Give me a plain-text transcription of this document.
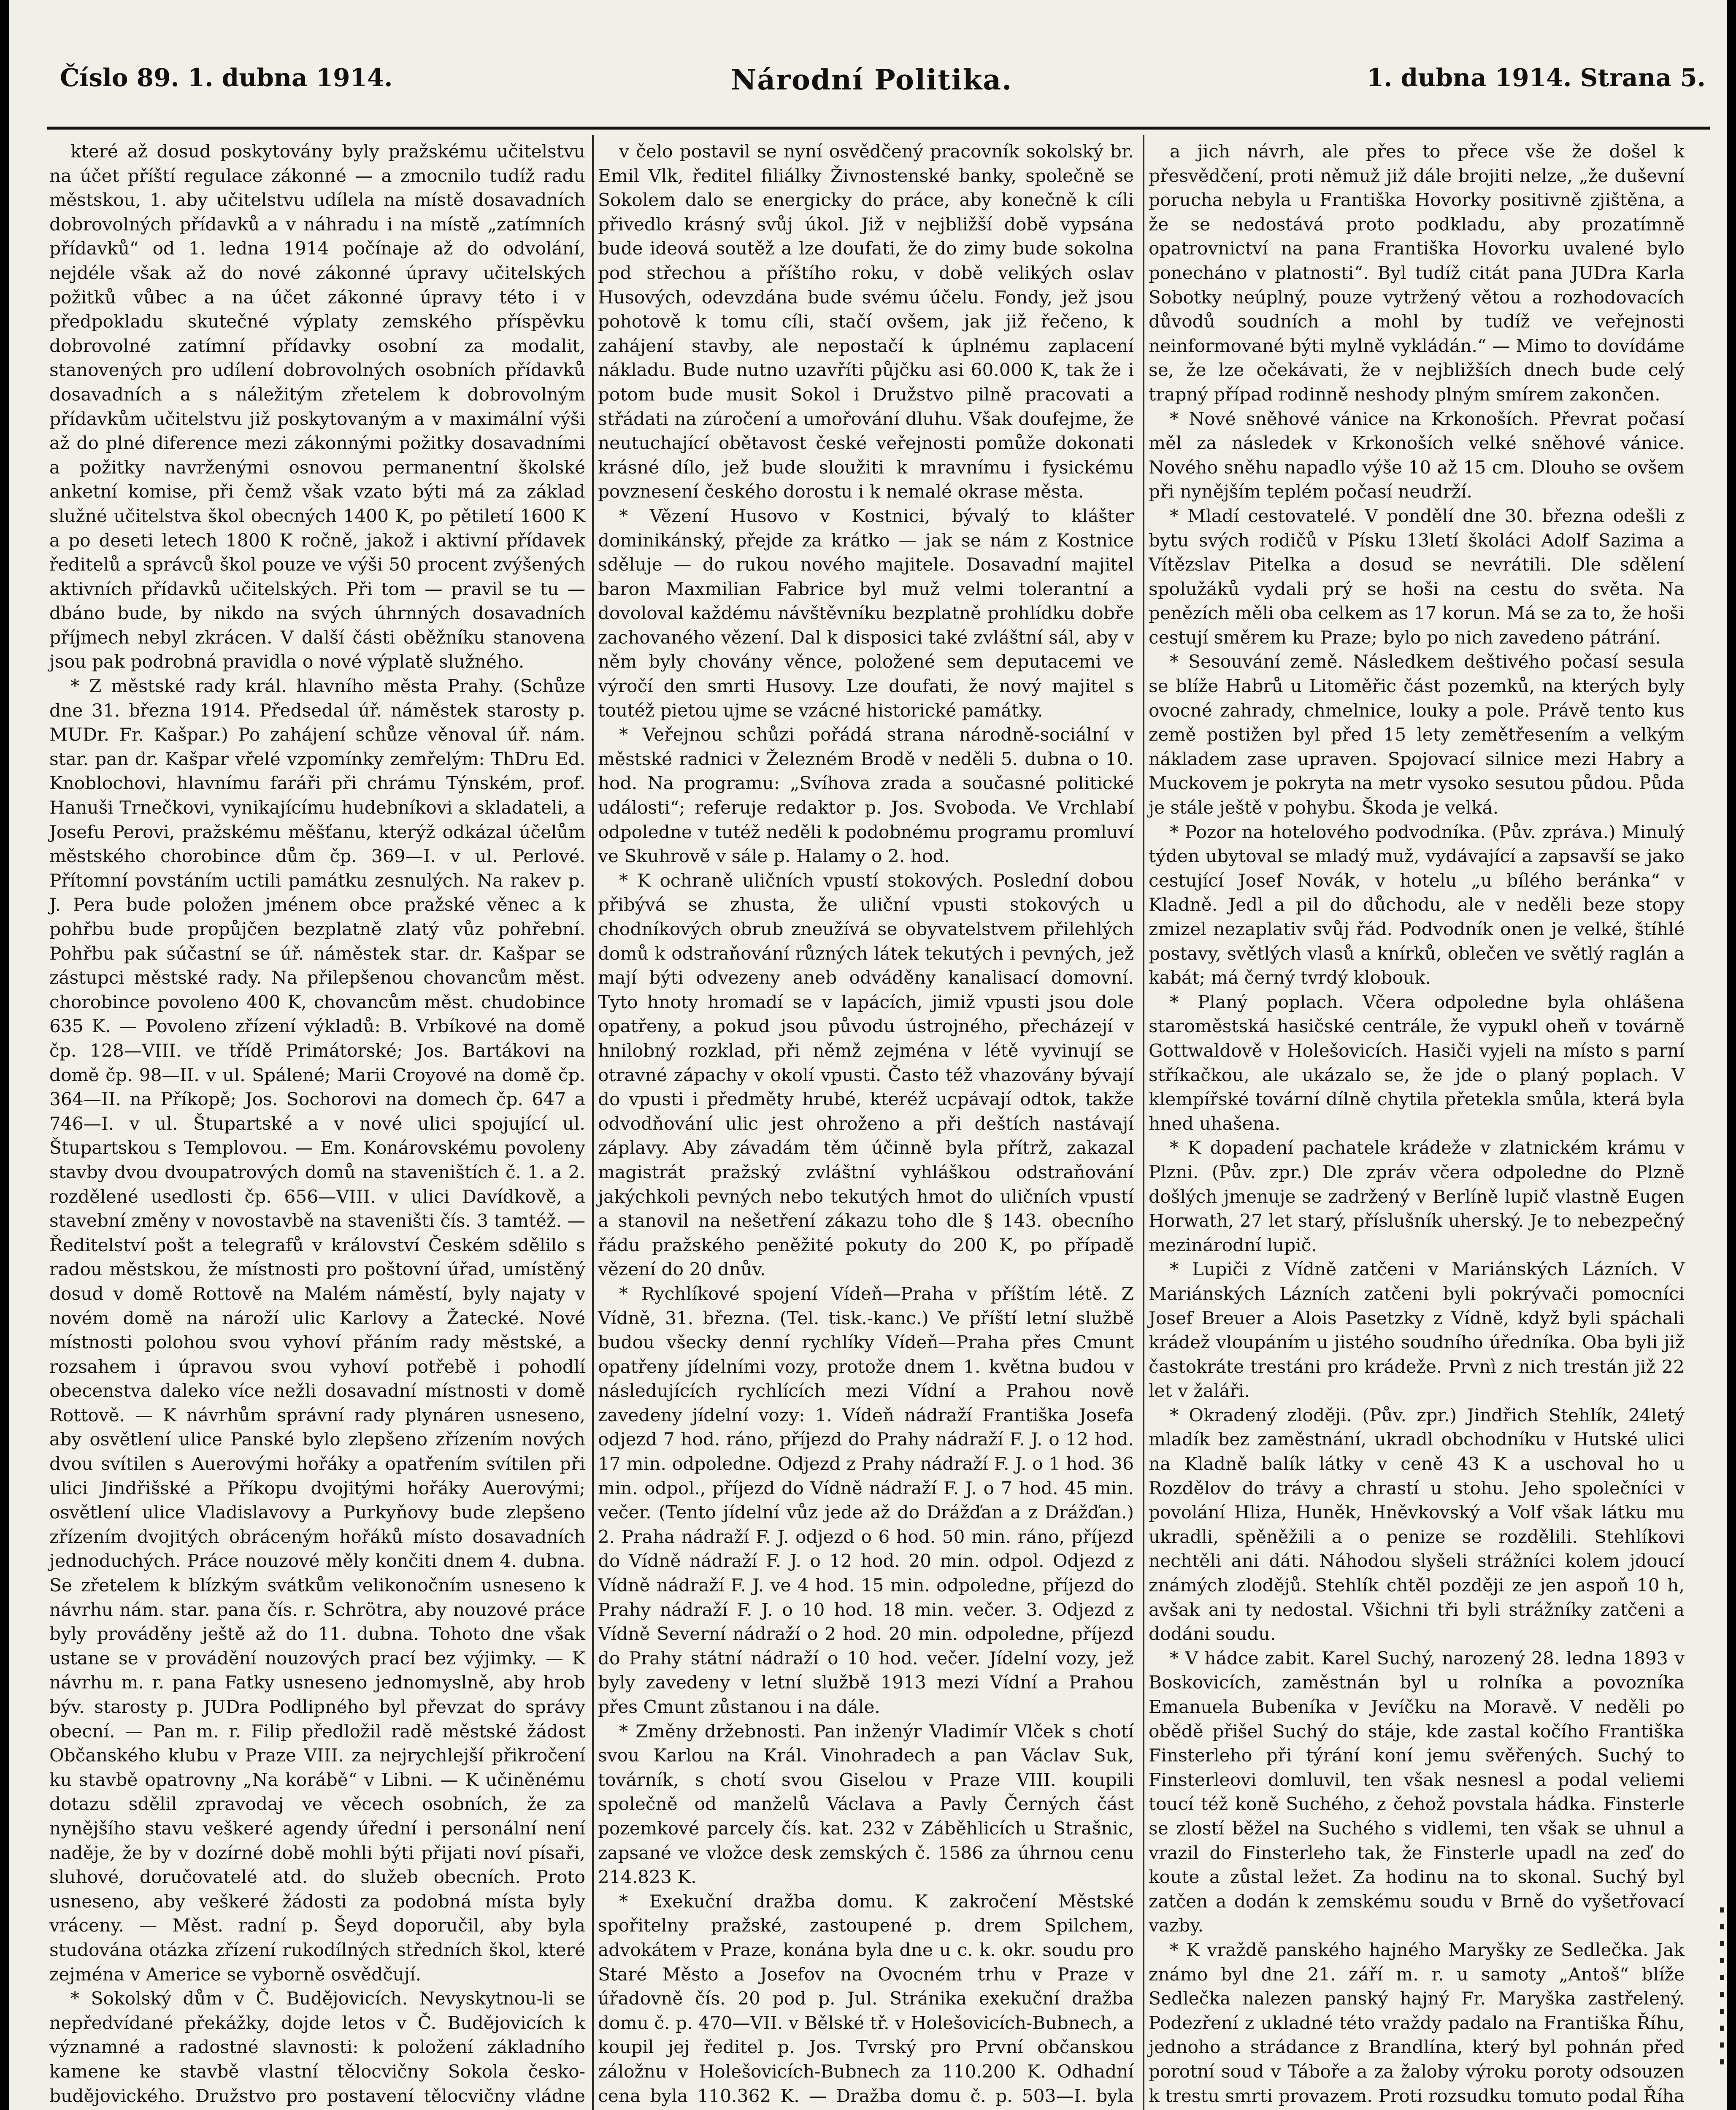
Číslo 89. 1. dubna 1914.	Národní Politika.	1. dubna 1914. Strana 5.

které až dosud poskytovány byly pražskému učitelstvu na účet příští regulace zákonné — a zmocnilo tudíž radu městskou, 1. aby učitelstvu udílela na místě dosavadních dobrovolných přídavků a v náhradu i na místě „zatímních přídavků“ od 1. ledna 1914 počínaje až do odvolání, nejdéle však až do nové zákonné úpravy učitelských požitků vůbec a na účet zákonné úpravy této i v předpokladu skutečné výplaty zemského příspěvku dobrovolné zatímní přídavky osobní za modalit, stanovených pro udílení dobrovolných osobních přídavků dosavadních a s náležitým zřetelem k dobrovolným přídavkům učitelstvu již poskytovaným a v maximální výši až do plné diference mezi zákonnými požitky dosavadními a požitky navrženými osnovou permanentní školské anketní komise, při čemž však vzato býti má za základ služné učitelstva škol obecných 1400 K, po pětiletí 1600 K a po deseti letech 1800 K ročně, jakož i aktivní přídavek ředitelů a správců škol pouze ve výši 50 procent zvýšených aktivních přídavků učitelských. Při tom — pravil se tu — dbáno bude, by nikdo na svých úhrnných dosavadních příjmech nebyl zkrácen. V další části oběžníku stanovena jsou pak podrobná pravidla o nové výplatě služného.

* Z městské rady král. hlavního města Prahy. (Schůze dne 31. března 1914. Předsedal úř. náměstek starosty p. MUDr. Fr. Kašpar.) Po zahájení schůze věnoval úř. nám. star. pan dr. Kašpar vřelé vzpomínky zemřelým: ThDru Ed. Knoblochovi, hlavnímu faráři při chrámu Týnském, prof. Hanuši Trnečkovi, vynikajícímu hudebníkovi a skladateli, a Josefu Perovi, pražskému měšťanu, kterýž odkázal účelům městského chorobince dům čp. 369—I. v ul. Perlové. Přítomní povstáním uctili památku zesnulých. Na rakev p. J. Pera bude položen jménem obce pražské věnec a k pohřbu bude propůjčen bezplatně zlatý vůz pohřební. Pohřbu pak súčastní se úř. náměstek star. dr. Kašpar se zástupci městské rady. Na přilepšenou chovancům měst. chorobince povoleno 400 K, chovancům měst. chudobince 635 K. — Povoleno zřízení výkladů: B. Vrbíkové na domě čp. 128—VIII. ve třídě Primátorské; Jos. Bartákovi na domě čp. 98—II. v ul. Spálené; Marii Croyové na domě čp. 364—II. na Příkopě; Jos. Sochorovi na domech čp. 647 a 746—I. v ul. Štupartské a v nové ulici spojující ul. Štupartskou s Templovou. — Em. Konárovskému povoleny stavby dvou dvoupatrových domů na staveništích č. 1. a 2. rozdělené usedlosti čp. 656—VIII. v ulici Davídkově, a stavební změny v novostavbě na staveništi čís. 3 tamtéž. — Ředitelství pošt a telegrafů v království Českém sdělilo s radou městskou, že místnosti pro poštovní úřad, umístěný dosud v domě Rottově na Malém náměstí, byly najaty v novém domě na nároží ulic Karlovy a Žatecké. Nové místnosti polohou svou vyhoví přáním rady městské, a rozsahem i úpravou svou vyhoví potřebě i pohodlí obecenstva daleko více nežli dosavadní místnosti v domě Rottově. — K návrhům správní rady plynáren usneseno, aby osvětlení ulice Panské bylo zlepšeno zřízením nových dvou svítilen s Auerovými hořáky a opatřením svítilen při ulici Jindřišské a Příkopu dvojitými hořáky Auerovými; osvětlení ulice Vladislavovy a Purkyňovy bude zlepšeno zřízením dvojitých obráceným hořáků místo dosavadních jednoduchých. Práce nouzové měly končiti dnem 4. dubna. Se zřetelem k blízkým svátkům velikonočním usneseno k návrhu nám. star. pana čís. r. Schrötra, aby nouzové práce byly prováděny ještě až do 11. dubna. Tohoto dne však ustane se v provádění nouzových prací bez výjimky. — K návrhu m. r. pana Fatky usneseno jednomyslně, aby hrob býv. starosty p. JUDra Podlipného byl převzat do správy obecní. — Pan m. r. Filip předložil radě městské žádost Občanského klubu v Praze VIII. za nejrychlejší přikročení ku stavbě opatrovny „Na korábě“ v Libni. — K učiněnému dotazu sdělil zpravodaj ve věcech osobních, že za nynějšího stavu veškeré agendy úřední i personální není naděje, že by v dozírné době mohli býti přijati noví písaři, sluhové, doručovatelé atd. do služeb obecních. Proto usneseno, aby veškeré žádosti za podobná místa byly vráceny. — Měst. radní p. Šeyd doporučil, aby byla studována otázka zřízení rukodílných středních škol, které zejména v Americe se vyborně osvědčují.

* Sokolský dům v Č. Budějovicích. Nevyskytnou-li se nepředvídané překážky, dojde letos v Č. Budějovicích k významné a radostné slavnosti: k položení základního kamene ke stavbě vlastní tělocvičny Sokola česko-budějovického. Družstvo pro postavení tělocvičny vládne

v čelo postavil se nyní osvědčený pracovník sokolský br. Emil Vlk, ředitel filiálky Živnostenské banky, společně se Sokolem dalo se energicky do práce, aby konečně k cíli přivedlo krásný svůj úkol. Již v nejbližší době vypsána bude ideová soutěž a lze doufati, že do zimy bude sokolna pod střechou a příštího roku, v době velikých oslav Husových, odevzdána bude svému účelu. Fondy, jež jsou pohotově k tomu cíli, stačí ovšem, jak již řečeno, k zahájení stavby, ale nepostačí k úplnému zaplacení nákladu. Bude nutno uzavříti půjčku asi 60.000 K, tak že i potom bude musit Sokol i Družstvo pilně pracovati a střádati na zúročení a umořování dluhu. Však doufejme, že neutuchající obětavost české veřejnosti pomůže dokonati krásné dílo, jež bude sloužiti k mravnímu i fysickému povznesení českého dorostu i k nemalé okrase města.

* Vězení Husovo v Kostnici, bývalý to klášter dominikánský, přejde za krátko — jak se nám z Kostnice sděluje — do rukou nového majitele. Dosavadní majitel baron Maxmilian Fabrice byl muž velmi tolerantní a dovoloval každému návštěvníku bezplatně prohlídku dobře zachovaného vězení. Dal k disposici také zvláštní sál, aby v něm byly chovány věnce, položené sem deputacemi ve výročí den smrti Husovy. Lze doufati, že nový majitel s toutéž pietou ujme se vzácné historické památky.

* Veřejnou schůzi pořádá strana národně-sociální v městské radnici v Železném Brodě v neděli 5. dubna o 10. hod. Na programu: „Svíhova zrada a současné politické události“; referuje redaktor p. Jos. Svoboda. Ve Vrchlabí odpoledne v tutéž neděli k podobnému programu promluví ve Skuhrově v sále p. Halamy o 2. hod.

* K ochraně uličních vpustí stokových. Poslední dobou přibývá se zhusta, že uliční vpusti stokových u chodníkových obrub zneužívá se obyvatelstvem přilehlých domů k odstraňování různých látek tekutých i pevných, jež mají býti odvezeny aneb odváděny kanalisací domovní. Tyto hnoty hromadí se v lapácích, jimiž vpusti jsou dole opatřeny, a pokud jsou původu ústrojného, přecházejí v hnilobný rozklad, při němž zejména v létě vyvinují se otravné zápachy v okolí vpusti. Často též vhazovány bývají do vpusti i předměty hrubé, kteréž ucpávají odtok, takže odvodňování ulic jest ohroženo a při deštích nastávají záplavy. Aby závadám těm účinně byla přítrž, zakazal magistrát pražský zvláštní vyhláškou odstraňování jakýchkoli pevných nebo tekutých hmot do uličních vpustí a stanovil na nešetření zákazu toho dle § 143. obecního řádu pražského peněžité pokuty do 200 K, po případě vězení do 20 dnův.

* Rychlíkové spojení Vídeň—Praha v příštím létě. Z Vídně, 31. března. (Tel. tisk.-kanc.) Ve příští letní službě budou všecky denní rychlíky Vídeň—Praha přes Cmunt opatřeny jídelními vozy, protože dnem 1. května budou v následujících rychlících mezi Vídní a Prahou nově zavedeny jídelní vozy: 1. Vídeň nádraží Františka Josefa odjezd 7 hod. ráno, příjezd do Prahy nádraží F. J. o 12 hod. 17 min. odpoledne. Odjezd z Prahy nádraží F. J. o 1 hod. 36 min. odpol., příjezd do Vídně nádraží F. J. o 7 hod. 45 min. večer. (Tento jídelní vůz jede až do Drážďan a z Drážďan.) 2. Praha nádraží F. J. odjezd o 6 hod. 50 min. ráno, příjezd do Vídně nádraží F. J. o 12 hod. 20 min. odpol. Odjezd z Vídně nádraží F. J. ve 4 hod. 15 min. odpoledne, příjezd do Prahy nádraží F. J. o 10 hod. 18 min. večer. 3. Odjezd z Vídně Severní nádraží o 2 hod. 20 min. odpoledne, příjezd do Prahy státní nádraží o 10 hod. večer. Jídelní vozy, jež byly zavedeny v letní službě 1913 mezi Vídní a Prahou přes Cmunt zůstanou i na dále.

* Změny držebnosti. Pan inženýr Vladimír Vlček s chotí svou Karlou na Král. Vinohradech a pan Václav Suk, továrník, s chotí svou Giselou v Praze VIII. koupili společně od manželů Václava a Pavly Černých část pozemkové parcely čís. kat. 232 v Záběhlicích u Strašnic, zapsané ve vložce desk zemských č. 1586 za úhrnou cenu 214.823 K.

* Exekuční dražba domu. K zakročení Městské spořitelny pražské, zastoupené p. drem Spilchem, advokátem v Praze, konána byla dne u c. k. okr. soudu pro Staré Město a Josefov na Ovocném trhu v Praze v úřadovně čís. 20 pod p. Jul. Stránika exekuční dražba domu č. p. 470—VII. v Bělské tř. v Holešovicích-Bubnech, a koupil jej ředitel p. Jos. Tvrský pro První občanskou záložnu v Holešovicích-Bubnech za 110.200 K. Odhadní cena byla 110.362 K. — Dražba domu č. p. 503—I. byla

a jich návrh, ale přes to přece vše že došel k přesvědčení, proti němuž již dále brojiti nelze, „že duševní porucha nebyla u Františka Hovorky positivně zjištěna, a že se nedostává proto podkladu, aby prozatímně opatrovnictví na pana Františka Hovorku uvalené bylo ponecháno v platnosti“. Byl tudíž citát pana JUDra Karla Sobotky neúplný, pouze vytržený větou a rozhodovacích důvodů soudních a mohl by tudíž ve veřejnosti neinformované býti mylně vykládán.“ — Mimo to dovídáme se, že lze očekávati, že v nejbližších dnech bude celý trapný případ rodinně neshody plným smírem zakončen.

* Nové sněhové vánice na Krkonoších. Převrat počasí měl za následek v Krkonoších velké sněhové vánice. Nového sněhu napadlo výše 10 až 15 cm. Dlouho se ovšem při nynějším teplém počasí neudrží.

* Mladí cestovatelé. V pondělí dne 30. března odešli z bytu svých rodičů v Písku 13letí školáci Adolf Sazima a Vítězslav Pitelka a dosud se nevrátili. Dle sdělení spolužáků vydali prý se hoši na cestu do světa. Na penězích měli oba celkem as 17 korun. Má se za to, že hoši cestují směrem ku Praze; bylo po nich zavedeno pátrání.

* Sesouvání země. Následkem deštivého počasí sesula se blíže Habrů u Litoměřic část pozemků, na kterých byly ovocné zahrady, chmelnice, louky a pole. Právě tento kus země postižen byl před 15 lety zemětřesením a velkým nákladem zase upraven. Spojovací silnice mezi Habry a Muckovem je pokryta na metr vysoko sesutou půdou. Půda je stále ještě v pohybu. Škoda je velká.

* Pozor na hotelového podvodníka. (Pův. zpráva.) Minulý týden ubytoval se mladý muž, vydávající a zapsavší se jako cestující Josef Novák, v hotelu „u bílého beránka“ v Kladně. Jedl a pil do důchodu, ale v neděli beze stopy zmizel nezaplativ svůj řád. Podvodník onen je velké, štíhlé postavy, světlých vlasů a knírků, oblečen ve světlý raglán a kabát; má černý tvrdý klobouk.

* Planý poplach. Včera odpoledne byla ohlášena staroměstská hasičské centrále, že vypukl oheň v továrně Gottwaldově v Holešovicích. Hasiči vyjeli na místo s parní stříkačkou, ale ukázalo se, že jde o planý poplach. V klempířské tovární dílně chytila přetekla smůla, která byla hned uhašena.

* K dopadení pachatele krádeže v zlatnickém krámu v Plzni. (Pův. zpr.) Dle zpráv včera odpoledne do Plzně došlých jmenuje se zadržený v Berlíně lupič vlastně Eugen Horwath, 27 let starý, příslušník uherský. Je to nebezpečný mezinárodní lupič.

* Lupiči z Vídně zatčeni v Mariánských Lázních. V Mariánských Lázních zatčeni byli pokrývači pomocníci Josef Breuer a Alois Pasetzky z Vídně, když byli spáchali krádež vloupáním u jistého soudního úředníka. Oba byli již častokráte trestáni pro krádeže. Prvnì z nich trestán již 22 let v žaláři.

* Okradený zloději. (Pův. zpr.) Jindřich Stehlík, 24letý mladík bez zaměstnání, ukradl obchodníku v Hutské ulici na Kladně balík látky v ceně 43 K a uschoval ho u Rozdělov do trávy a chrastí u stohu. Jeho společníci v povolání Hliza, Huněk, Hněvkovský a Volf však látku mu ukradli, spěněžili a o penize se rozdělili. Stehlíkovi nechtěli ani dáti. Náhodou slyšeli strážníci kolem jdoucí známých zlodějů. Stehlík chtěl později ze jen aspoň 10 h, avšak ani ty nedostal. Všichni tři byli strážníky zatčeni a dodáni soudu.

* V hádce zabit. Karel Suchý, narozený 28. ledna 1893 v Boskovicích, zaměstnán byl u rolníka a povozníka Emanuela Bubeníka v Jevíčku na Moravě. V neděli po obědě přišel Suchý do stáje, kde zastal kočího Františka Finsterleho při týrání koní jemu svěřených. Suchý to Finsterleovi domluvil, ten však nesnesl a podal veliemi toucí též koně Suchého, z čehož povstala hádka. Finsterle se zlostí běžel na Suchého s vidlemi, ten však se uhnul a vrazil do Finsterleho tak, že Finsterle upadl na zeď do koute a zůstal ležet. Za hodinu na to skonal. Suchý byl zatčen a dodán k zemskému soudu v Brně do vyšetřovací vazby.

* K vraždě panského hajného Maryšky ze Sedlečka. Jak známo byl dne 21. září m. r. u samoty „Antoš“ blíže Sedlečka nalezen panský hajný Fr. Maryška zastřelený. Podezření z ukladné této vraždy padalo na Františka Říhu, jednoho a strádance z Brandlína, který byl pohnán před porotní soud v Táboře a za žaloby výroku poroty odsouzen k trestu smrti provazem. Proti rozsudku tomuto podal Říha
